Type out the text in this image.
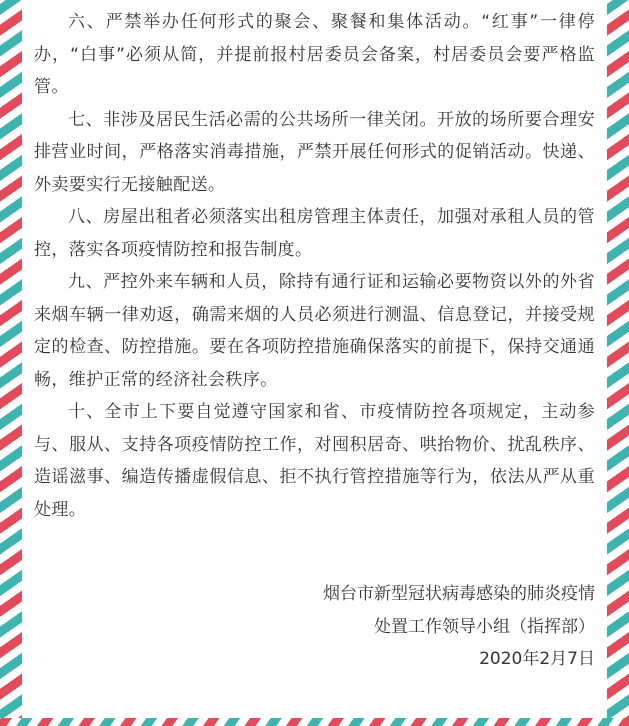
六、严禁举办任何形式的聚会、聚餐和集体活动。“红事”一律停办，“白事”必须从简，并提前报村居委员会备案，村居委员会要严格监管。

七、非涉及居民生活必需的公共场所一律关闭。开放的场所要合理安排营业时间，严格落实消毒措施，严禁开展任何形式的促销活动。快递、外卖要实行无接触配送。

八、房屋出租者必须落实出租房管理主体责任，加强对承租人员的管控，落实各项疫情防控和报告制度。

九、严控外来车辆和人员，除持有通行证和运输必要物资以外的外省来烟车辆一律劝返，确需来烟的人员必须进行测温、信息登记，并接受规定的检查、防控措施。要在各项防控措施确保落实的前提下，保持交通通畅，维护正常的经济社会秩序。

十、全市上下要自觉遵守国家和省、市疫情防控各项规定，主动参与、服从、支持各项疫情防控工作，对囤积居奇、哄抬物价、扰乱秩序、造谣滋事、编造传播虚假信息、拒不执行管控措施等行为，依法从严从重处理。

烟台市新型冠状病毒感染的肺炎疫情

处置工作领导小组（指挥部）

2020年2月7日
